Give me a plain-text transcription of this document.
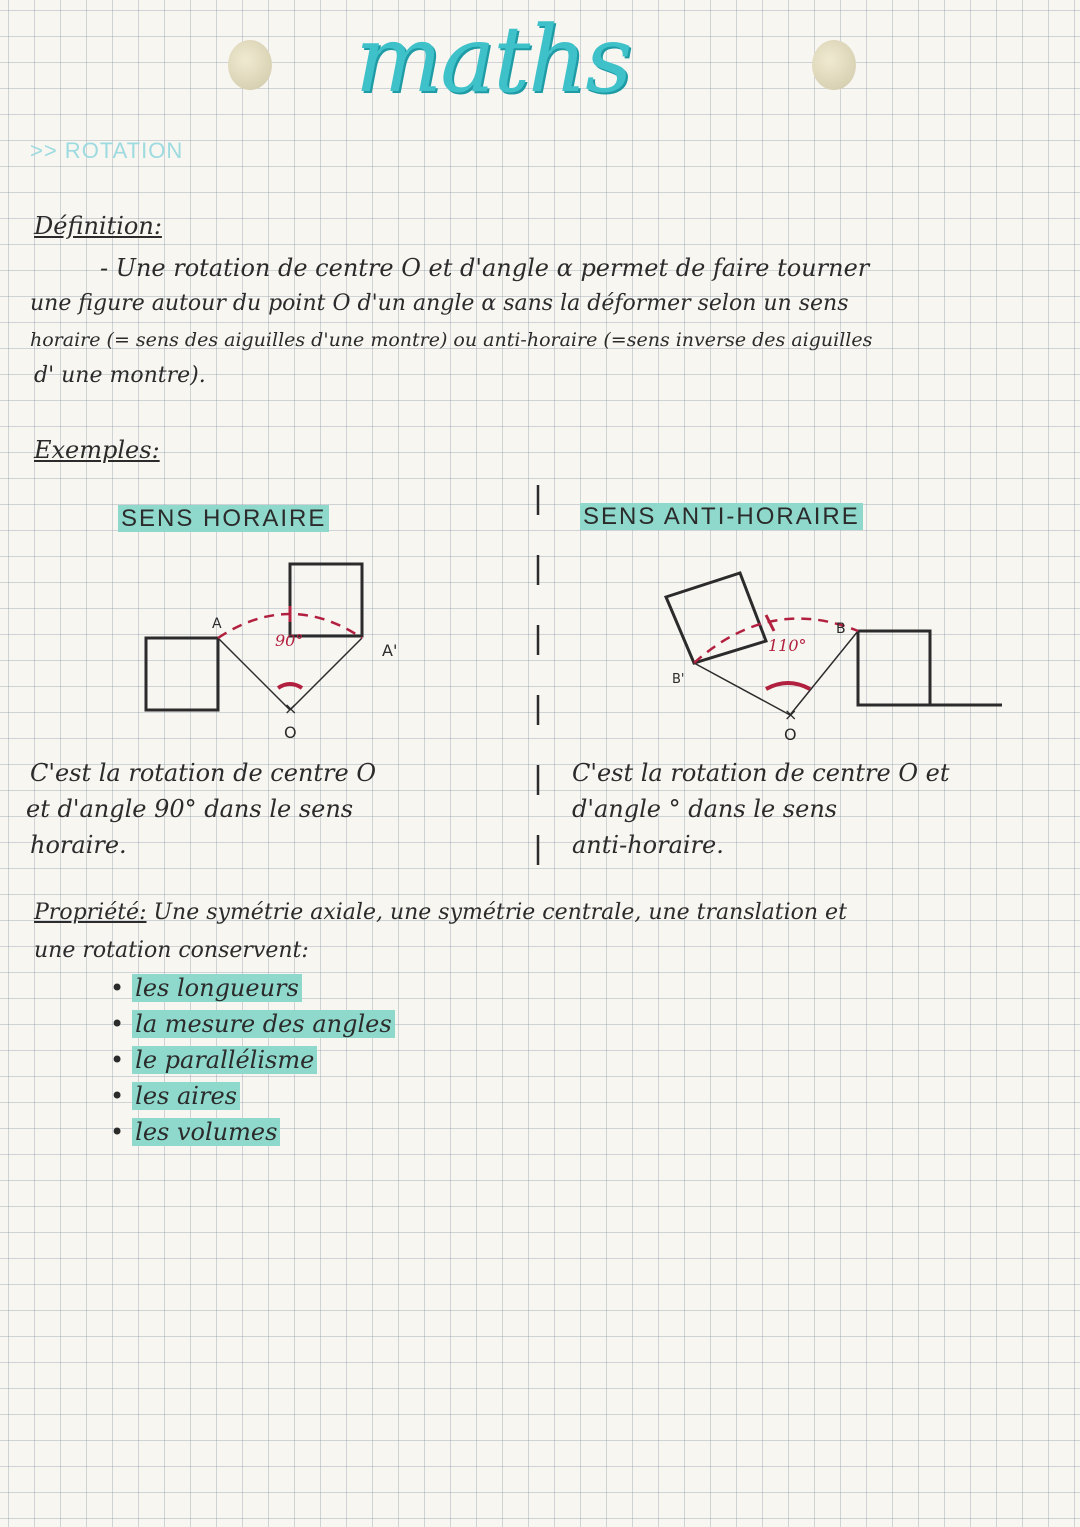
maths
>> ROTATION
Définition:
- Une rotation de centre O et d'angle α permet de faire tourner
une figure autour du point O d'un angle α sans la déformer selon un sens
horaire (= sens des aiguilles d'une montre) ou anti-horaire (=sens inverse des aiguilles
d' une montre).
Exemples:
SENS HORAIRE	SENS ANTI-HORAIRE
×
A
A'
O
90°
×
B
B'
O
110°
C'est la rotation de centre O
et d'angle 90° dans le sens
horaire.
C'est la rotation de centre O et
d'angle ° dans le sens
anti-horaire.
Propriété: Une symétrie axiale, une symétrie centrale, une translation et
une rotation conservent:
• les longueurs
• la mesure des angles
• le parallélisme
• les aires
• les volumes
